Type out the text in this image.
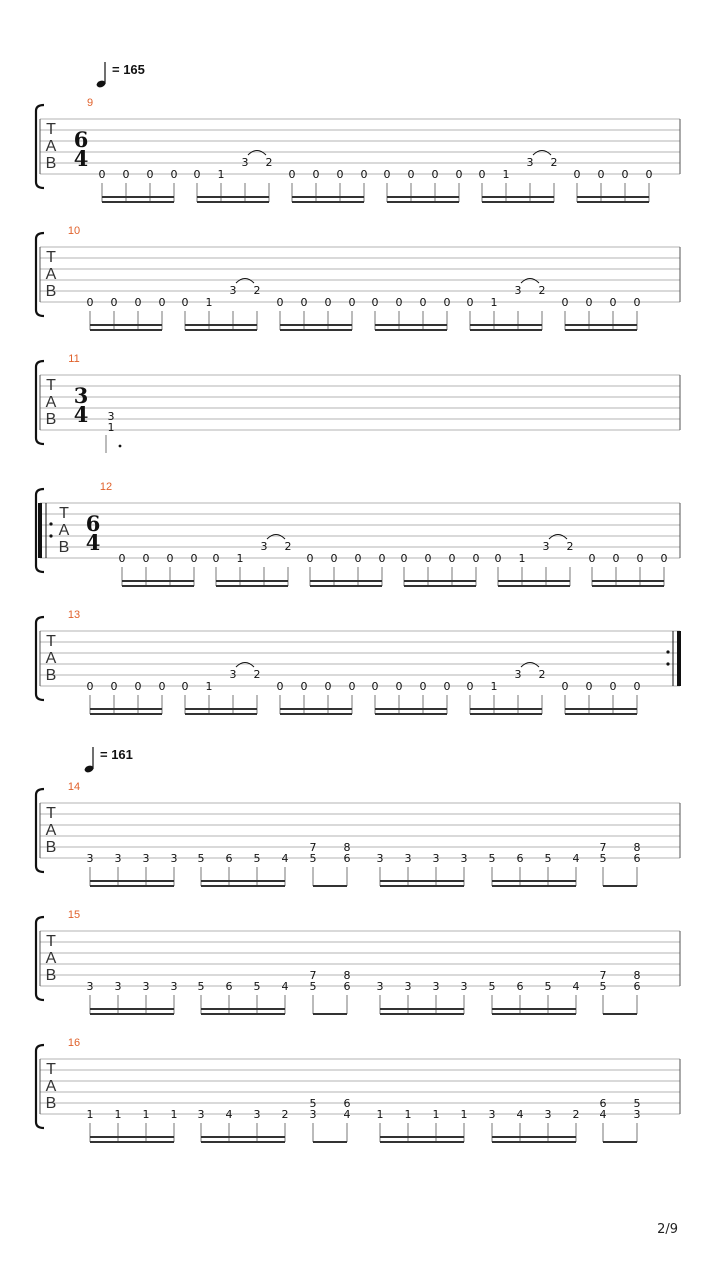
= 165
= 161
9
T
A
B
6
4
0 0 0 0 0 1
3 2
0 0 0 0 0 0 0 0 0 1
3 2
0 0 0 0
10
T
A
B
0 0 0 0 0 1
3 2
0 0 0 0 0 0 0 0 0 1
3 2
0 0 0 0
11
T
A
B
3
4 3
1
12
T
A
B
6
4
0 0 0 0 0 1
3 2
0 0 0 0 0 0 0 0 0 1
3 2
0 0 0 0
13
T
A
B
0 0 0 0 0 1
3 2
0 0 0 0 0 0 0 0 0 1
3 2
0 0 0 0
14
T
A
B
3 3 3 3 5 6 5 4 5
7
6
8
3 3 3 3 5 6 5 4 5
7
6
8
15
T
A
B
3 3 3 3 5 6 5 4 5
7
6
8
3 3 3 3 5 6 5 4 5
7
6
8
16
T
A
B
1 1 1 1 3 4 3 2 3
5
4
6
1 1 1 1 3 4 3 2 4
6
3
5
2/9
